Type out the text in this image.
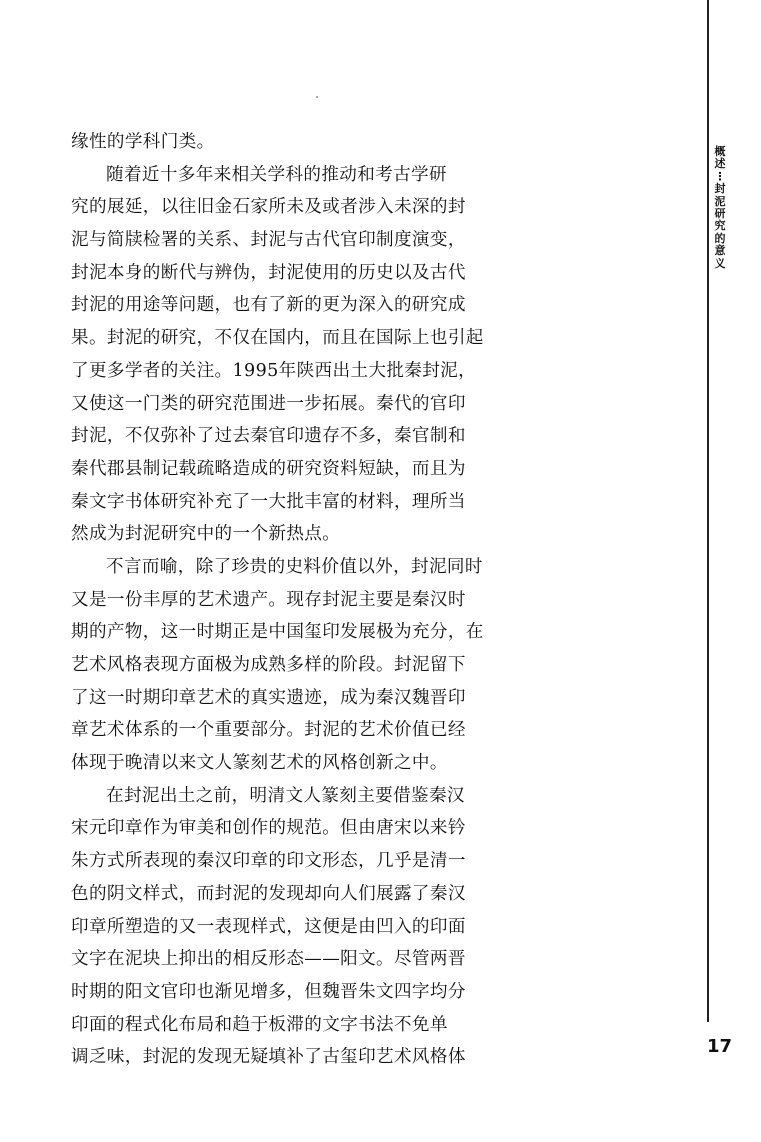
缘性的学科门类。
随着近十多年来相关学科的推动和考古学研
究的展延，以往旧金石家所未及或者涉入未深的封
泥与简牍检署的关系、封泥与古代官印制度演变，
封泥本身的断代与辨伪，封泥使用的历史以及古代
封泥的用途等问题，也有了新的更为深入的研究成
果。封泥的研究，不仅在国内，而且在国际上也引起
了更多学者的关注。1995年陕西出土大批秦封泥，
又使这一门类的研究范围进一步拓展。秦代的官印
封泥，不仅弥补了过去秦官印遗存不多，秦官制和
秦代郡县制记载疏略造成的研究资料短缺，而且为
秦文字书体研究补充了一大批丰富的材料，理所当
然成为封泥研究中的一个新热点。
不言而喻，除了珍贵的史料价值以外，封泥同时
又是一份丰厚的艺术遗产。现存封泥主要是秦汉时
期的产物，这一时期正是中国玺印发展极为充分，在
艺术风格表现方面极为成熟多样的阶段。封泥留下
了这一时期印章艺术的真实遗迹，成为秦汉魏晋印
章艺术体系的一个重要部分。封泥的艺术价值已经
体现于晚清以来文人篆刻艺术的风格创新之中。
在封泥出土之前，明清文人篆刻主要借鉴秦汉
宋元印章作为审美和创作的规范。但由唐宋以来钤
朱方式所表现的秦汉印章的印文形态，几乎是清一
色的阴文样式，而封泥的发现却向人们展露了秦汉
印章所塑造的又一表现样式，这便是由凹入的印面
文字在泥块上抑出的相反形态——阳文。尽管两晋
时期的阳文官印也渐见增多，但魏晋朱文四字均分
印面的程式化布局和趋于板滞的文字书法不免单
调乏味，封泥的发现无疑填补了古玺印艺术风格体
概
述
⋮
封
泥
研
究
的
意
义
17
